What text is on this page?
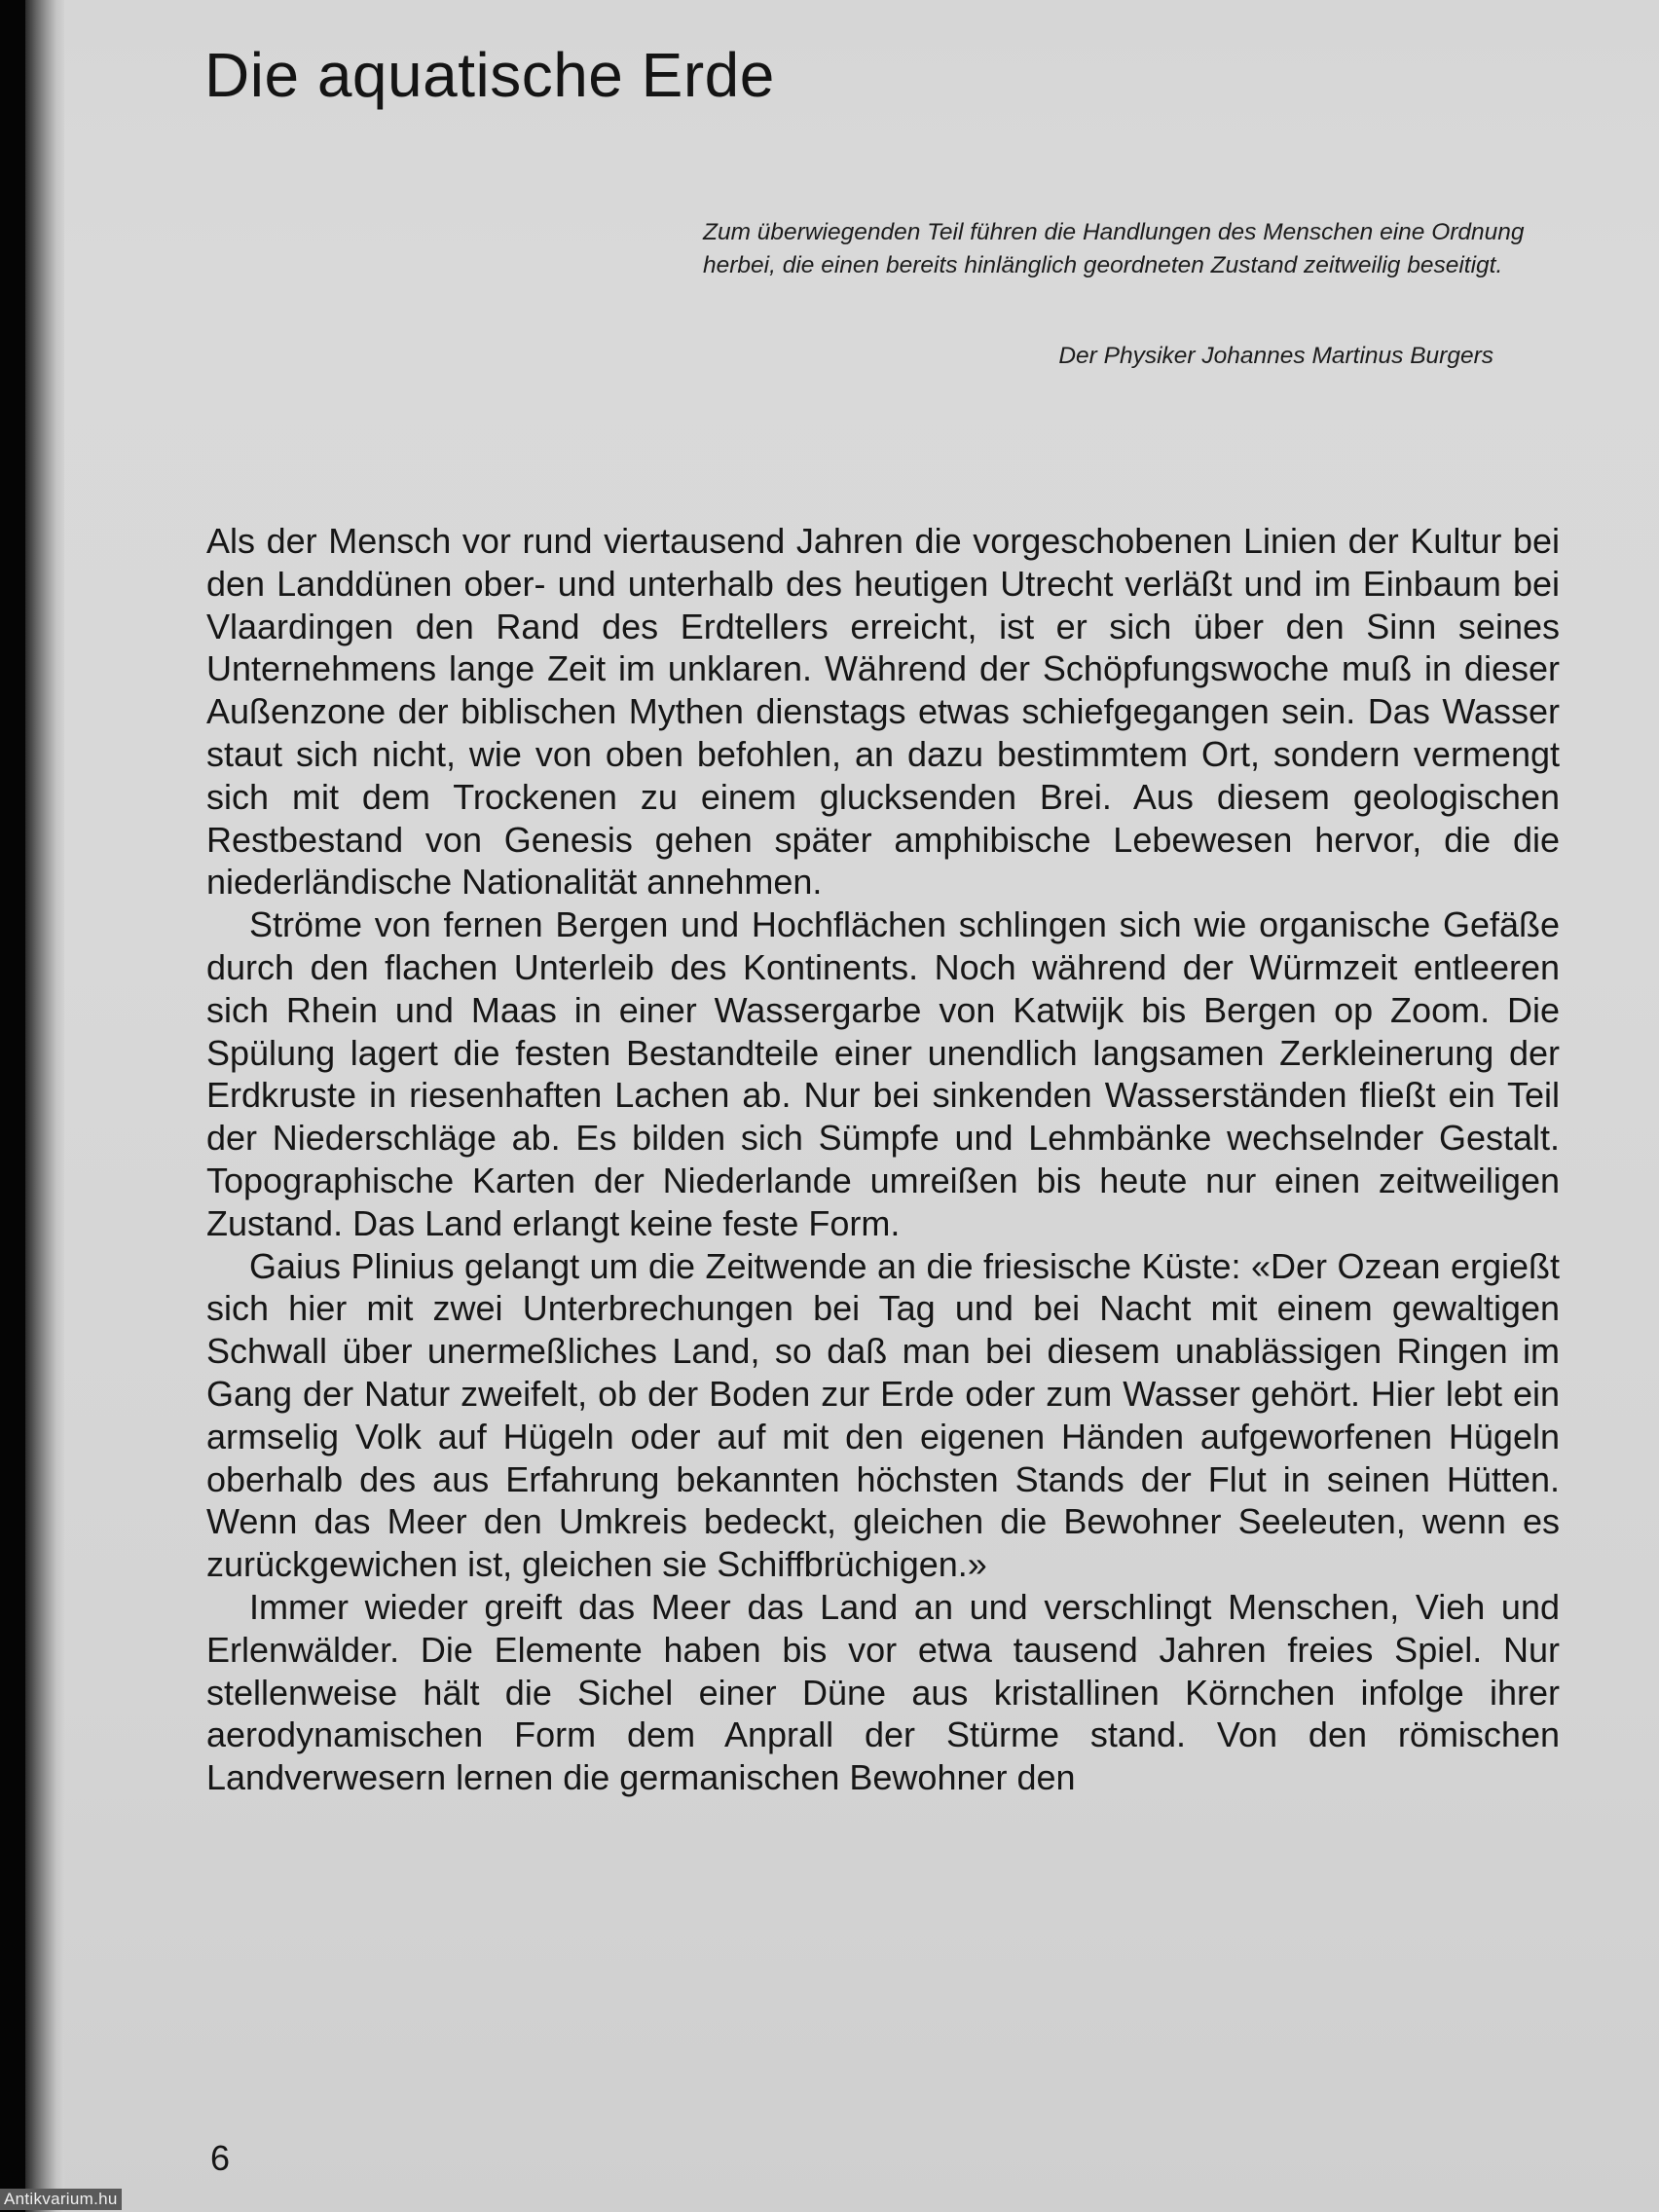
Die aquatische Erde

Zum überwiegenden Teil führen die Handlungen des Menschen eine Ordnung herbei, die einen bereits hinlänglich geordneten Zustand zeitweilig beseitigt.

Der Physiker Johannes Martinus Burgers

Als der Mensch vor rund viertausend Jahren die vorgeschobenen Linien der Kultur bei den Landdünen ober- und unterhalb des heutigen Utrecht verläßt und im Einbaum bei Vlaardingen den Rand des Erdtellers erreicht, ist er sich über den Sinn seines Unternehmens lange Zeit im unklaren. Während der Schöpfungswoche muß in dieser Außenzone der biblischen Mythen dienstags etwas schiefgegangen sein. Das Wasser staut sich nicht, wie von oben befohlen, an dazu bestimmtem Ort, sondern vermengt sich mit dem Trockenen zu einem glucksenden Brei. Aus diesem geologischen Restbestand von Genesis gehen später amphibische Lebewesen hervor, die die niederländische Nationalität annehmen.

Ströme von fernen Bergen und Hochflächen schlingen sich wie organische Gefäße durch den flachen Unterleib des Kontinents. Noch während der Würmzeit entleeren sich Rhein und Maas in einer Wassergarbe von Katwijk bis Bergen op Zoom. Die Spülung lagert die festen Bestandteile einer unendlich langsamen Zerkleinerung der Erdkruste in riesenhaften Lachen ab. Nur bei sinkenden Wasserständen fließt ein Teil der Niederschläge ab. Es bilden sich Sümpfe und Lehmbänke wechselnder Gestalt. Topographische Karten der Niederlande umreißen bis heute nur einen zeitweiligen Zustand. Das Land erlangt keine feste Form.

Gaius Plinius gelangt um die Zeitwende an die friesische Küste: «Der Ozean ergießt sich hier mit zwei Unterbrechungen bei Tag und bei Nacht mit einem gewaltigen Schwall über unermeßliches Land, so daß man bei diesem unablässigen Ringen im Gang der Natur zweifelt, ob der Boden zur Erde oder zum Wasser gehört. Hier lebt ein armselig Volk auf Hügeln oder auf mit den eigenen Händen aufgeworfenen Hügeln oberhalb des aus Erfahrung bekannten höchsten Stands der Flut in seinen Hütten. Wenn das Meer den Umkreis bedeckt, gleichen die Bewohner Seeleuten, wenn es zurückgewichen ist, gleichen sie Schiffbrüchigen.»

Immer wieder greift das Meer das Land an und verschlingt Menschen, Vieh und Erlenwälder. Die Elemente haben bis vor etwa tausend Jahren freies Spiel. Nur stellenweise hält die Sichel einer Düne aus kristallinen Körnchen infolge ihrer aerodynamischen Form dem Anprall der Stürme stand. Von den römischen Landverwesern lernen die germanischen Bewohner den

6

Antikvarium.hu
